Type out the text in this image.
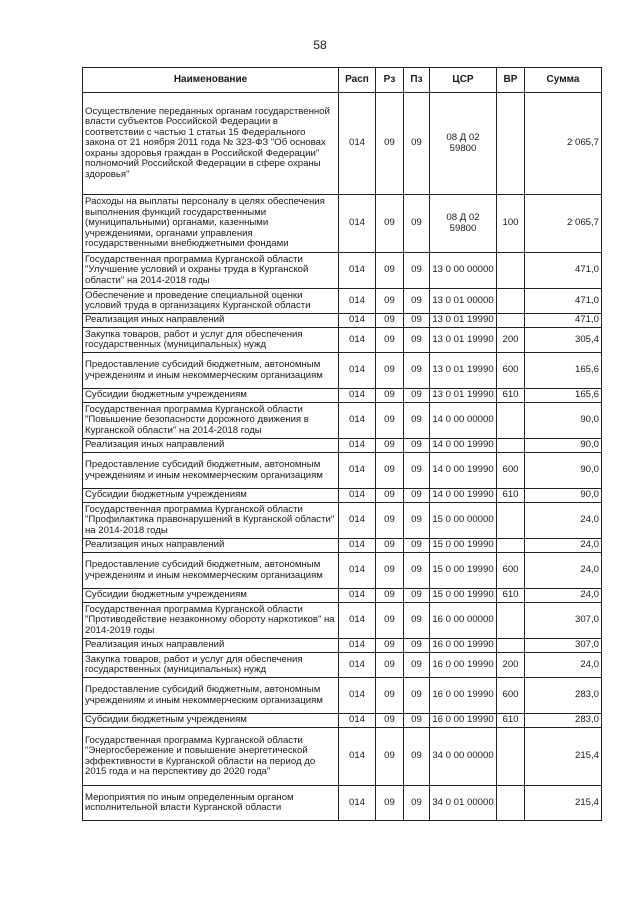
58
Наименование	Расп	Рз	Пз	ЦСР	ВР	Сумма
Осуществление переданных органам государственной власти субъектов Российской Федерации в соответствии с частью 1 статьи 15 Федерального закона от 21 ноября 2011 года № 323-ФЗ "Об основах охраны здоровья граждан в Российской Федерации" полномочий Российской Федерации в сфере охраны здоровья"	014	09	09	08 Д 02 59800		2 065,7
Расходы на выплаты персоналу в целях обеспечения выполнения функций государственными (муниципальными) органами, казенными учреждениями, органами управления государственными внебюджетными фондами	014	09	09	08 Д 02 59800	100	2 065,7
Государственная программа Курганской области "Улучшение условий и охраны труда в Курганской области" на 2014-2018 годы	014	09	09	13 0 00 00000		471,0
Обеспечение и проведение специальной оценки условий труда в организациях Курганской области	014	09	09	13 0 01 00000		471,0
Реализация иных направлений	014	09	09	13 0 01 19990		471,0
Закупка товаров, работ и услуг для обеспечения государственных (муниципальных) нужд	014	09	09	13 0 01 19990	200	305,4
Предоставление субсидий бюджетным, автономным учреждениям и иным некоммерческим организациям	014	09	09	13 0 01 19990	600	165,6
Субсидии бюджетным учреждениям	014	09	09	13 0 01 19990	610	165,6
Государственная программа Курганской области "Повышение безопасности дорожного движения в Курганской области" на 2014-2018 годы	014	09	09	14 0 00 00000		90,0
Реализация иных направлений	014	09	09	14 0 00 19990		90,0
Предоставление субсидий бюджетным, автономным учреждениям и иным некоммерческим организациям	014	09	09	14 0 00 19990	600	90,0
Субсидии бюджетным учреждениям	014	09	09	14 0 00 19990	610	90,0
Государственная программа Курганской области "Профилактика правонарушений в Курганской области" на 2014-2018 годы	014	09	09	15 0 00 00000		24,0
Реализация иных направлений	014	09	09	15 0 00 19990		24,0
Предоставление субсидий бюджетным, автономным учреждениям и иным некоммерческим организациям	014	09	09	15 0 00 19990	600	24,0
Субсидии бюджетным учреждениям	014	09	09	15 0 00 19990	610	24,0
Государственная программа Курганской области "Противодействие незаконному обороту наркотиков" на 2014-2019 годы	014	09	09	16 0 00 00000		307,0
Реализация иных направлений	014	09	09	16 0 00 19990		307,0
Закупка товаров, работ и услуг для обеспечения государственных (муниципальных) нужд	014	09	09	16 0 00 19990	200	24,0
Предоставление субсидий бюджетным, автономным учреждениям и иным некоммерческим организациям	014	09	09	16 0 00 19990	600	283,0
Субсидии бюджетным учреждениям	014	09	09	16 0 00 19990	610	283,0
Государственная программа Курганской области "Энергосбережение и повышение энергетической эффективности в Курганской области на период до 2015 года и на перспективу до 2020 года"	014	09	09	34 0 00 00000		215,4
Мероприятия по иным определенным органом исполнительной власти Курганской области	014	09	09	34 0 01 00000		215,4
